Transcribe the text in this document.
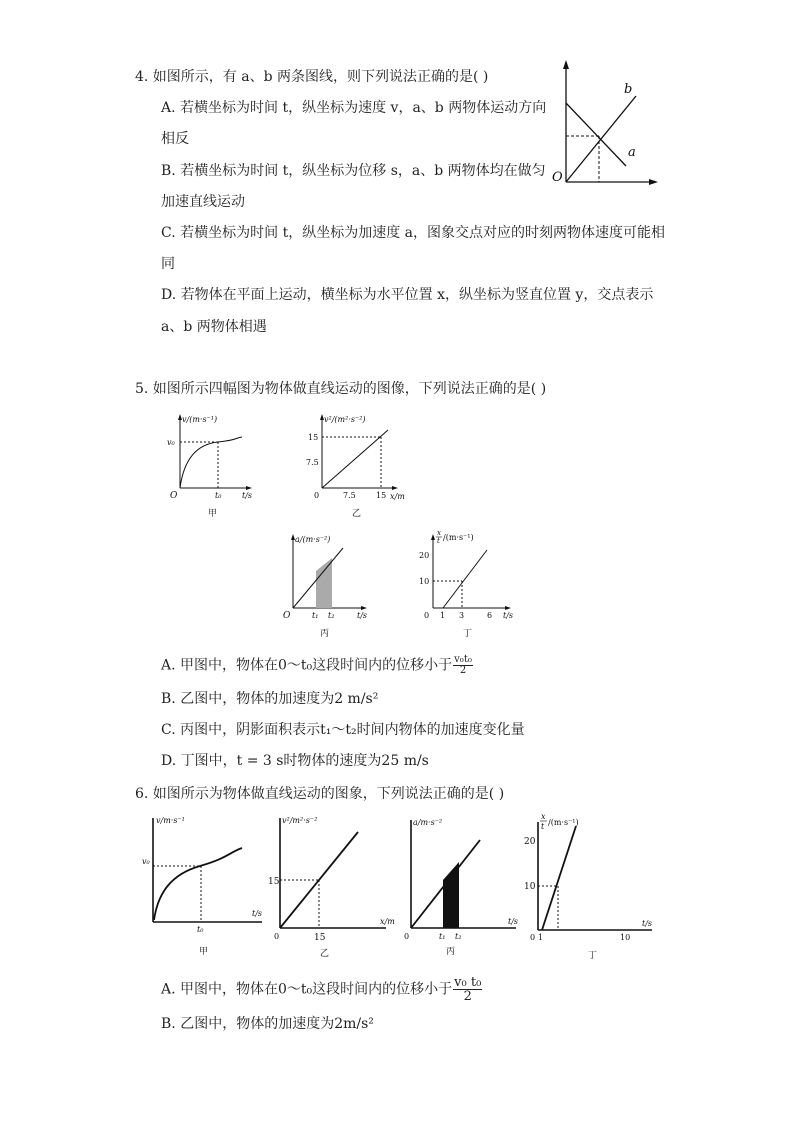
4. 如图所示，有 a、b 两条图线，则下列说法正确的是( )
A. 若横坐标为时间 t，纵坐标为速度 v，a、b 两物体运动方向
相反
B. 若横坐标为时间 t，纵坐标为位移 s，a、b 两物体均在做匀
加速直线运动
C. 若横坐标为时间 t，纵坐标为加速度 a，图象交点对应的时刻两物体速度可能相
同
D. 若物体在平面上运动，横坐标为水平位置 x，纵坐标为竖直位置 y，交点表示
a、b 两物体相遇
b
a
O
5. 如图所示四幅图为物体做直线运动的图像，下列说法正确的是( )
v/(m·s⁻¹)
v₀
t₀	t/s
O
甲
v²/(m²·s⁻²)
15
7.5
7.5	15 x/m
0
乙
a/(m·s⁻²)
t₁ t₂	t/s
O
丙
x
t /(m·s⁻¹)
20
10
1 3	6 t/s
0
丁
A. 甲图中，物体在0～t₀这段时间内的位移小于 $\frac{\text{v₀t₀}}{2}$
B. 乙图中，物体的加速度为2 m/s²
C. 丙图中，阴影面积表示t₁～t₂时间内物体的加速度变化量
D. 丁图中，t = 3 s时物体的速度为25 m/s
6. 如图所示为物体做直线运动的图象，下列说法正确的是( )
v/m·s⁻¹
v₀
t₀
t/s
甲
v²/m²·s⁻²
15
15
x/m
0
乙
a/m·s⁻²
t₁ t₂
t/s
0
丙
x
t /(m·s⁻¹)
20
10
1	10
t/s
0
丁
A. 甲图中，物体在0～t₀这段时间内的位移小于 $\frac{\text{v₀ t₀}}{2}$
B. 乙图中，物体的加速度为2m/s²
